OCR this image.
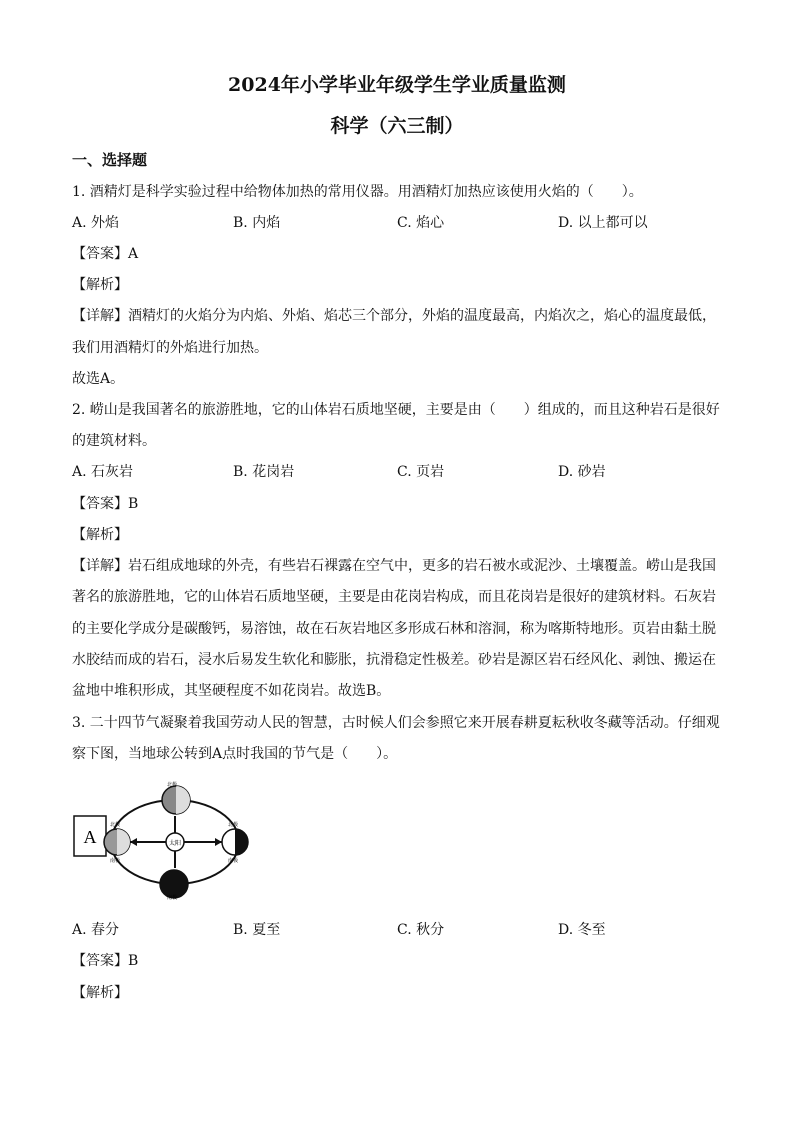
2024年小学毕业年级学生学业质量监测
科学（六三制）
一、选择题
1. 酒精灯是科学实验过程中给物体加热的常用仪器。用酒精灯加热应该使用火焰的（　　）。
A. 外焰	B. 内焰	C. 焰心	D. 以上都可以
【答案】A
【解析】
【详解】酒精灯的火焰分为内焰、外焰、焰芯三个部分，外焰的温度最高，内焰次之，焰心的温度最低，
我们用酒精灯的外焰进行加热。
故选A。
2. 崂山是我国著名的旅游胜地，它的山体岩石质地坚硬，主要是由（　　）组成的，而且这种岩石是很好
的建筑材料。
A. 石灰岩	B. 花岗岩	C. 页岩	D. 砂岩
【答案】B
【解析】
【详解】岩石组成地球的外壳，有些岩石裸露在空气中，更多的岩石被水或泥沙、土壤覆盖。崂山是我国
著名的旅游胜地，它的山体岩石质地坚硬，主要是由花岗岩构成，而且花岗岩是很好的建筑材料。石灰岩
的主要化学成分是碳酸钙，易溶蚀，故在石灰岩地区多形成石林和溶洞，称为喀斯特地形。页岩由黏土脱
水胶结而成的岩石，浸水后易发生软化和膨胀，抗滑稳定性极差。砂岩是源区岩石经风化、剥蚀、搬运在
盆地中堆积形成，其坚硬程度不如花岗岩。故选B。
3. 二十四节气凝聚着我国劳动人民的智慧，古时候人们会参照它来开展春耕夏耘秋收冬藏等活动。仔细观
察下图，当地球公转到A点时我国的节气是（　　）。
A	太阳
北极
北极	北极
南极	南极
南极
A. 春分	B. 夏至	C. 秋分	D. 冬至
【答案】B
【解析】
